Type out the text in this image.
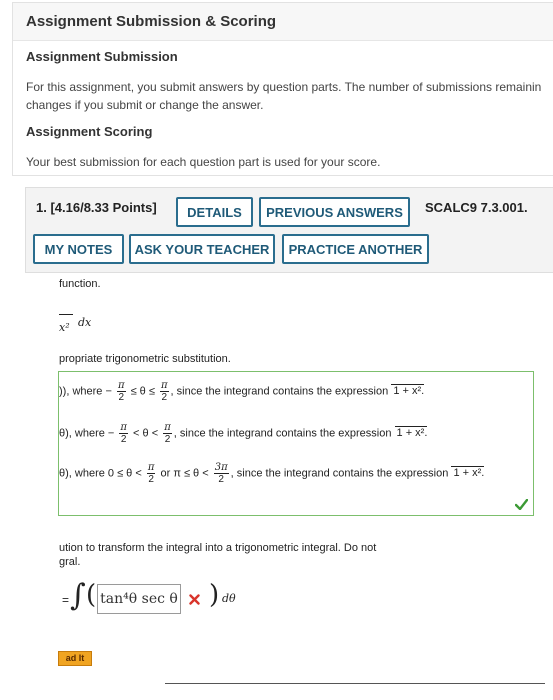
Assignment Submission & Scoring
Assignment Submission
For this assignment, you submit answers by question parts. The number of submissions remainin
changes if you submit or change the answer.
Assignment Scoring
Your best submission for each question part is used for your score.
1. [4.16/8.33 Points]	DETAILS	PREVIOUS ANSWERS	SCALC9 7.3.001.
MY NOTES	ASK YOUR TEACHER	PRACTICE ANOTHER
function.
dx
x²
propriate trigonometric substitution.
)), where − $\frac{\pi}{2} \le \theta \le \frac{\pi}{2}$ , since the integrand contains the expression 1 + x².
θ), where − $\frac{\pi}{2} < \theta < \frac{\pi}{2}$ , since the integrand contains the expression 1 + x².
θ), where $0 \le \theta < \frac{\pi}{2}$ or $\pi \le \theta < \frac{3\pi}{2}$ , since the integrand contains the expression 1 + x².
ution to transform the integral into a trigonometric integral. Do not
gral.
= ∫ ( tan⁴θ sec θ ) dθ
ad It
